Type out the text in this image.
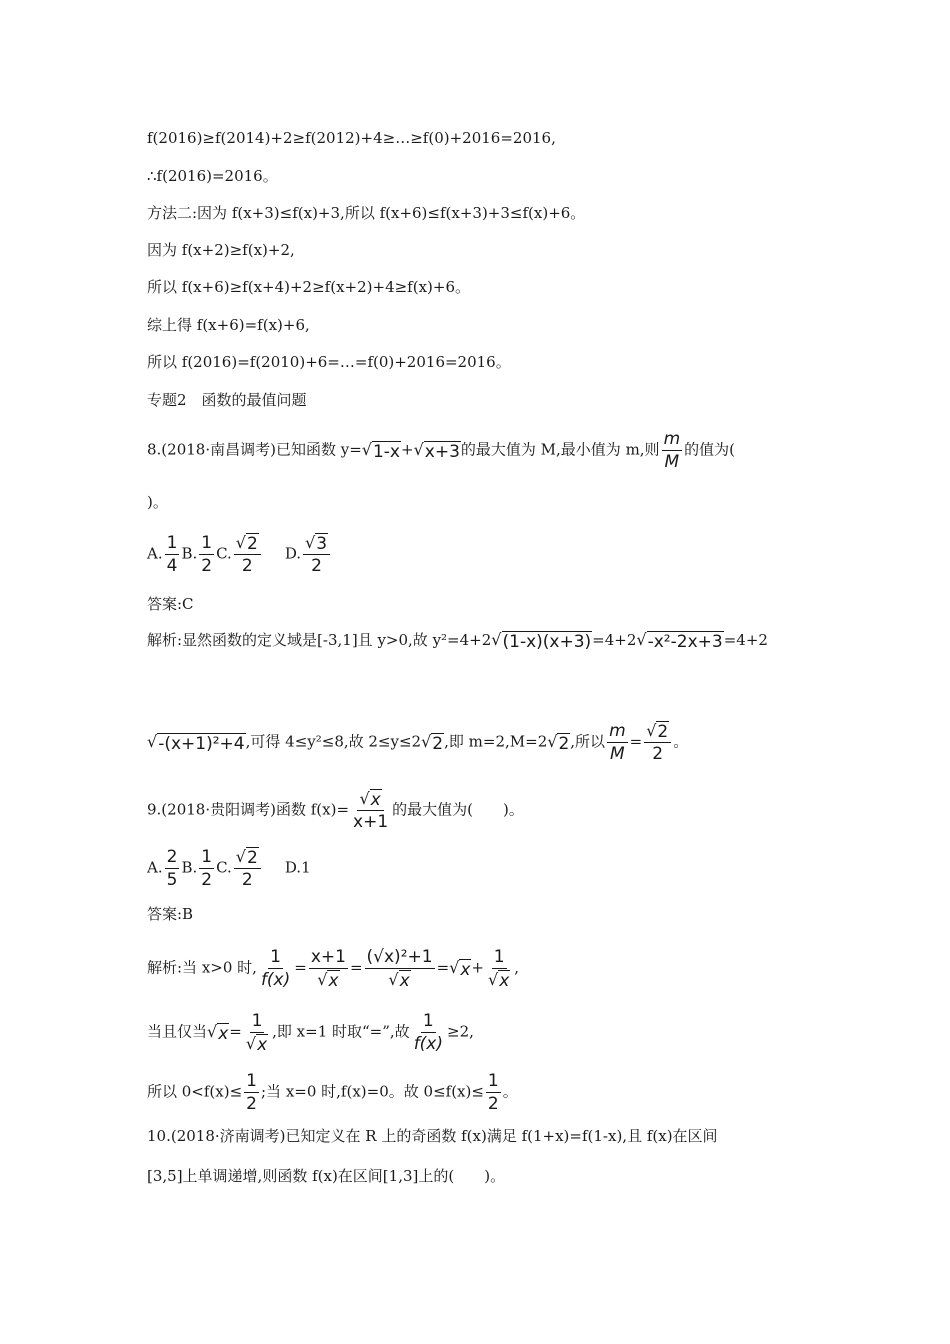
f(2016)≥f(2014)+2≥f(2012)+4≥…≥f(0)+2016=2016,
∴f(2016)=2016。
方法二:因为 f(x+3)≤f(x)+3,所以 f(x+6)≤f(x+3)+3≤f(x)+6。
因为 f(x+2)≥f(x)+2,
所以 f(x+6)≥f(x+4)+2≥f(x+2)+4≥f(x)+6。
综上得 f(x+6)=f(x)+6,
所以 f(2016)=f(2010)+6=…=f(0)+2016=2016。
专题2　函数的最值问题
8.(2018·南昌调考)已知函数 y= √ 1-x + √ x+3 的最大值为 M,最小值为 m,则 $\frac{m}{M}$ 的值为(
)。
A. $\frac{1}{4} B$. $\frac{1}{2} C$. $\frac{√ 2}{2} D$. $\frac{√ 3}{2}$
答案:C
解析:显然函数的定义域是[-3,1]且 y>0,故 y²=4+2 √ (1-x)(x+3) =4+2 √ -x²-2x+3 =4+2
√ -(x+1)²+4 ,可得 4≤y²≤8,故 2≤y≤2 √ 2 ,即 m=2,M=2 √ 2 ,所以 $\frac{m}{M} = \frac{√ 2}{2}$ 。
9.(2018·贵阳调考)函数 $f(x)= \frac{√ x}{x+1}$ 的最大值为(　　)。
A. $\frac{2}{5} B$. $\frac{1}{2} C$. $\frac{√ 2}{2} D.1$
答案:B
解析:当 x>0 时, $\frac{1}{f(x)} = \frac{x+1}{√ x} = \frac{\text{(√x)²+1}}{√ x}$ = √ $x + \frac{1}{√ x}$ ,
当且仅当 √ $x = \frac{1}{√ x}$ ,即 x=1 时取“=”,故 $\frac{1}{f(x)} \ge 2$,
所以 $0<f(x)\le \frac{1}{2}$ ;当 x=0 时,f(x)=0。故 $0\le f(x)\le \frac{1}{2}$ 。
10.(2018·济南调考)已知定义在 R 上的奇函数 f(x)满足 f(1+x)=f(1-x),且 f(x)在区间
[3,5]上单调递增,则函数 f(x)在区间[1,3]上的(　　)。
